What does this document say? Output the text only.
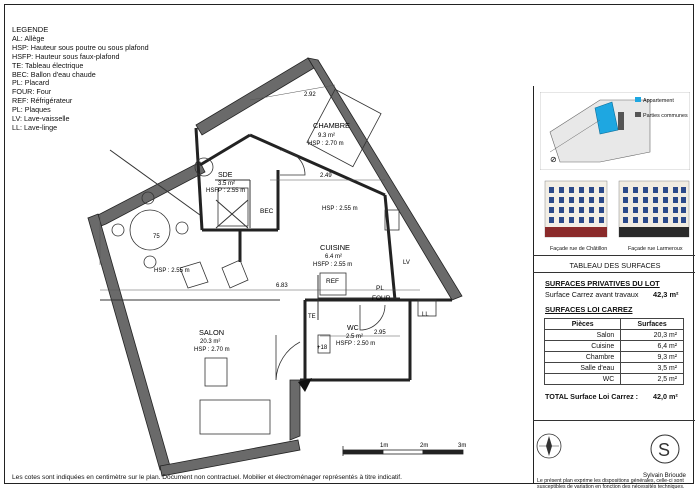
LEGENDE
AL: Allège
HSP: Hauteur sous poutre ou sous plafond
HSFP: Hauteur sous faux-plafond
TE: Tableau électrique
BEC: Ballon d'eau chaude
PL: Placard
FOUR: Four
REF: Réfrigérateur
PL: Plaques
LV: Lave-vaisselle
LL: Lave-linge
1m	2m	3m
CHAMBRE
9.3 m²
HSP : 2.70 m
SDE
3.5 m²
HSFP : 2.55 m
CUISINE
6.4 m²
HSFP : 2.55 m
SALON
20.3 m²
HSP : 2.70 m
WC
2.5 m²
HSFP : 2.50 m
HSP : 2.55 m
HSP : 2.55 m
BEC
TE
REF
PL
FOUR
LV
LL
+18
2.92
2.49
6.83
2.95
75
⊘
Appartement
Parties communes
Façade rue de Châtillon	Façade rue Larmeroux
TABLEAU DES SURFACES
SURFACES PRIVATIVES DU LOT
Surface Carrez avant travaux 42,3 m²
SURFACES LOI CARREZ
Pièces	Surfaces
Salon	20,3 m²
Cuisine	6,4 m²
Chambre	9,3 m²
Salle d'eau	3,5 m²
WC	2,5 m²
TOTAL Surface Loi Carrez : 42,0 m²
S
Sylvain Brioude
Le présent plan exprime les dispositions générales, celle-ci sont susceptibles de variation en fonction des nécessités techniques.
Les cotes sont indiquées en centimètre sur le plan. Document non contractuel. Mobilier et électroménager représentés à titre indicatif.
